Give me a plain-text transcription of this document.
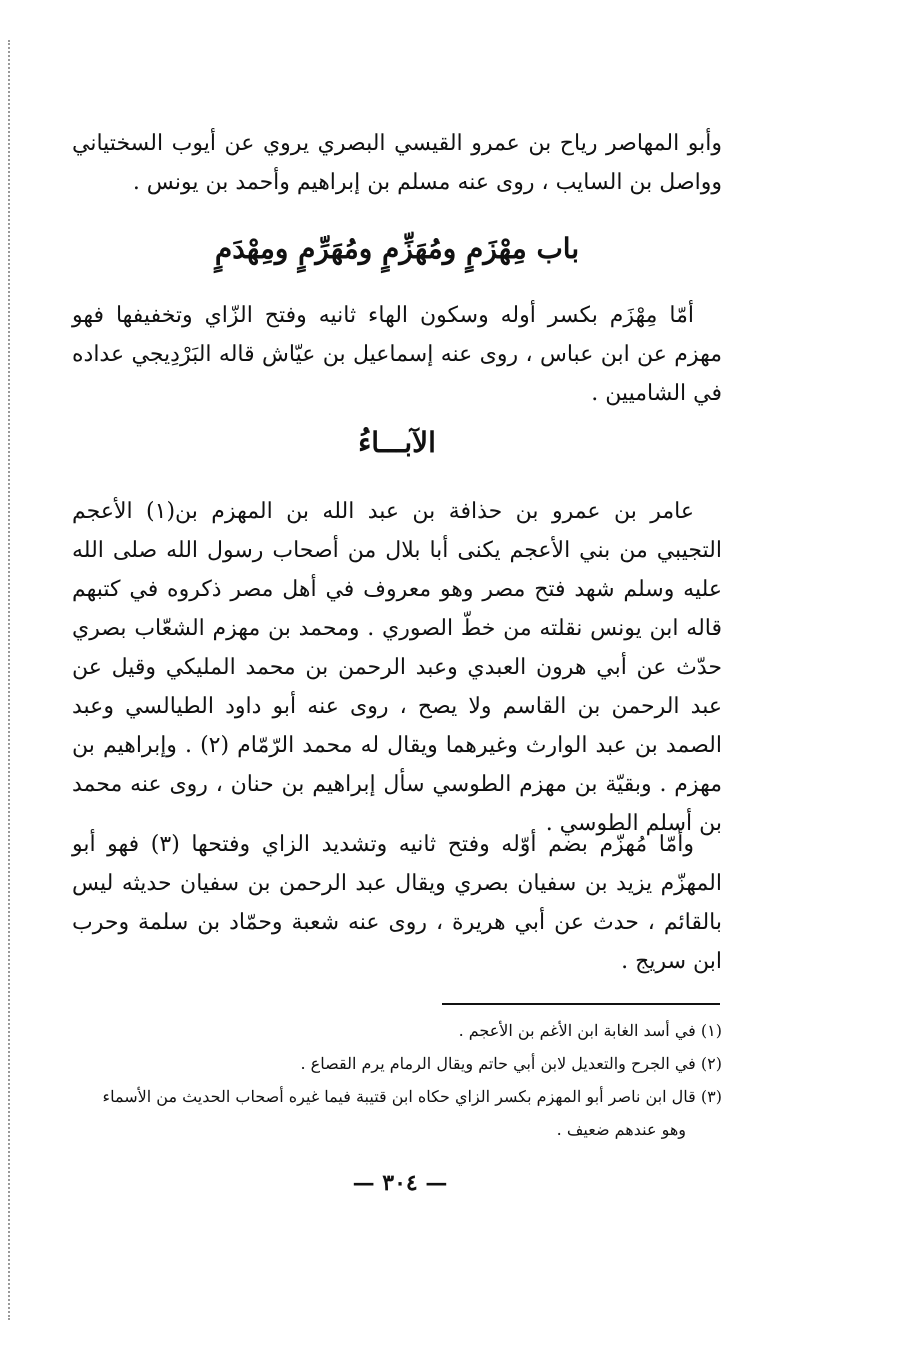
وأبو المهاصر رياح بن عمرو القيسي البصري يروي عن أيوب السختياني وواصل بن السايب ، روى عنه مسلم بن إبراهيم وأحمد بن يونس .

باب مِهْزَمٍ ومُهَزِّمٍ ومُهَرِّمٍ ومِهْدَمٍ

أمّا مِهْزَم بكسر أوله وسكون الهاء ثانيه وفتح الزّاي وتخفيفها فهو مهزم عن ابن عباس ، روى عنه إسماعيل بن عيّاش قاله البَرْدِيجي عداده في الشاميين .

الآبـــاءُ

عامر بن عمرو بن حذافة بن عبد الله بن المهزم بن(١) الأعجم التجيبي من بني الأعجم يكنى أبا بلال من أصحاب رسول الله صلى الله عليه وسلم شهد فتح مصر وهو معروف في أهل مصر ذكروه في كتبهم قاله ابن يونس نقلته من خطّ الصوري . ومحمد بن مهزم الشعّاب بصري حدّث عن أبي هرون العبدي وعبد الرحمن بن محمد المليكي وقيل عن عبد الرحمن بن القاسم ولا يصح ، روى عنه أبو داود الطيالسي وعبد الصمد بن عبد الوارث وغيرهما ويقال له محمد الرّمّام (٢) . وإبراهيم بن مهزم . وبقيّة بن مهزم الطوسي سأل إبراهيم بن حنان ، روى عنه محمد بن أسلم الطوسي .

وأمّا مُهزّم بضم أوّله وفتح ثانيه وتشديد الزاي وفتحها (٣) فهو أبو المهزّم يزيد بن سفيان بصري ويقال عبد الرحمن بن سفيان حديثه ليس بالقائم ، حدث عن أبي هريرة ، روى عنه شعبة وحمّاد بن سلمة وحرب ابن سريج .

(١) في أسد الغابة ابن الأغم بن الأعجم .

(٢) في الجرح والتعديل لابن أبي حاتم ويقال الرمام يرم القصاع .

(٣) قال ابن ناصر أبو المهزم بكسر الزاي حكاه ابن قتيبة فيما غيره أصحاب الحديث من الأسماء

وهو عندهم ضعيف .

— ٣٠٤ —
